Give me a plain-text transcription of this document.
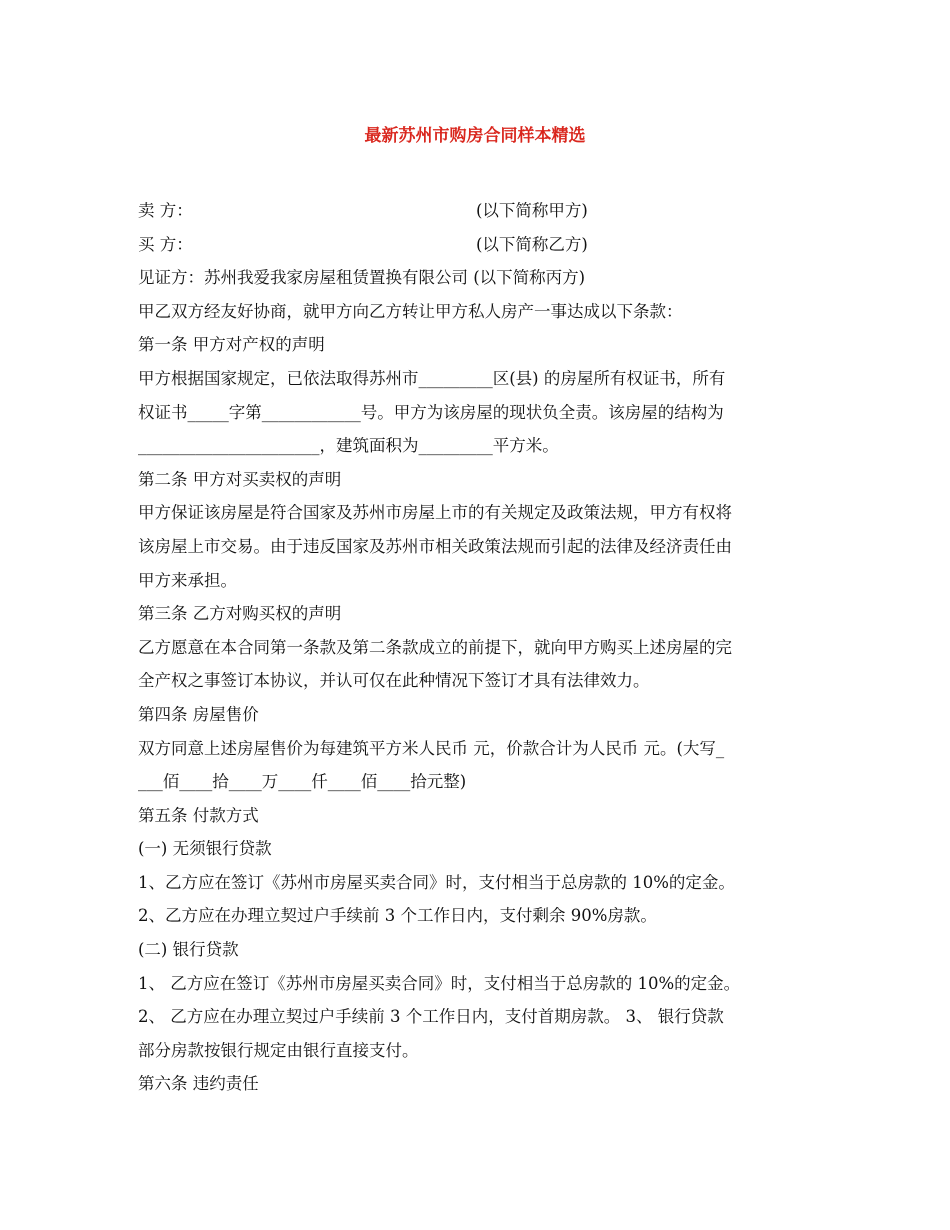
最新苏州市购房合同样本精选
卖 方：	(以下简称甲方)
买 方：	(以下简称乙方)
见证方：苏州我爱我家房屋租赁置换有限公司 (以下简称丙方)
甲乙双方经友好协商，就甲方向乙方转让甲方私人房产一事达成以下条款：
第一条 甲方对产权的声明
甲方根据国家规定，已依法取得苏州市_________区(县) 的房屋所有权证书，所有
权证书_____字第____________号。甲方为该房屋的现状负全责。该房屋的结构为
______________________，建筑面积为_________平方米。
第二条 甲方对买卖权的声明
甲方保证该房屋是符合国家及苏州市房屋上市的有关规定及政策法规，甲方有权将
该房屋上市交易。由于违反国家及苏州市相关政策法规而引起的法律及经济责任由
甲方来承担。
第三条 乙方对购买权的声明
乙方愿意在本合同第一条款及第二条款成立的前提下，就向甲方购买上述房屋的完
全产权之事签订本协议，并认可仅在此种情况下签订才具有法律效力。
第四条 房屋售价
双方同意上述房屋售价为每建筑平方米人民币 元，价款合计为人民币 元。(大写_
___佰____拾____万____仟____佰____拾元整)
第五条 付款方式
(一) 无须银行贷款
1、乙方应在签订《苏州市房屋买卖合同》时，支付相当于总房款的 10%的定金。
2、乙方应在办理立契过户手续前 3 个工作日内，支付剩余 90%房款。
(二) 银行贷款
1、 乙方应在签订《苏州市房屋买卖合同》时，支付相当于总房款的 10%的定金。
2、 乙方应在办理立契过户手续前 3 个工作日内，支付首期房款。 3、 银行贷款
部分房款按银行规定由银行直接支付。
第六条 违约责任
